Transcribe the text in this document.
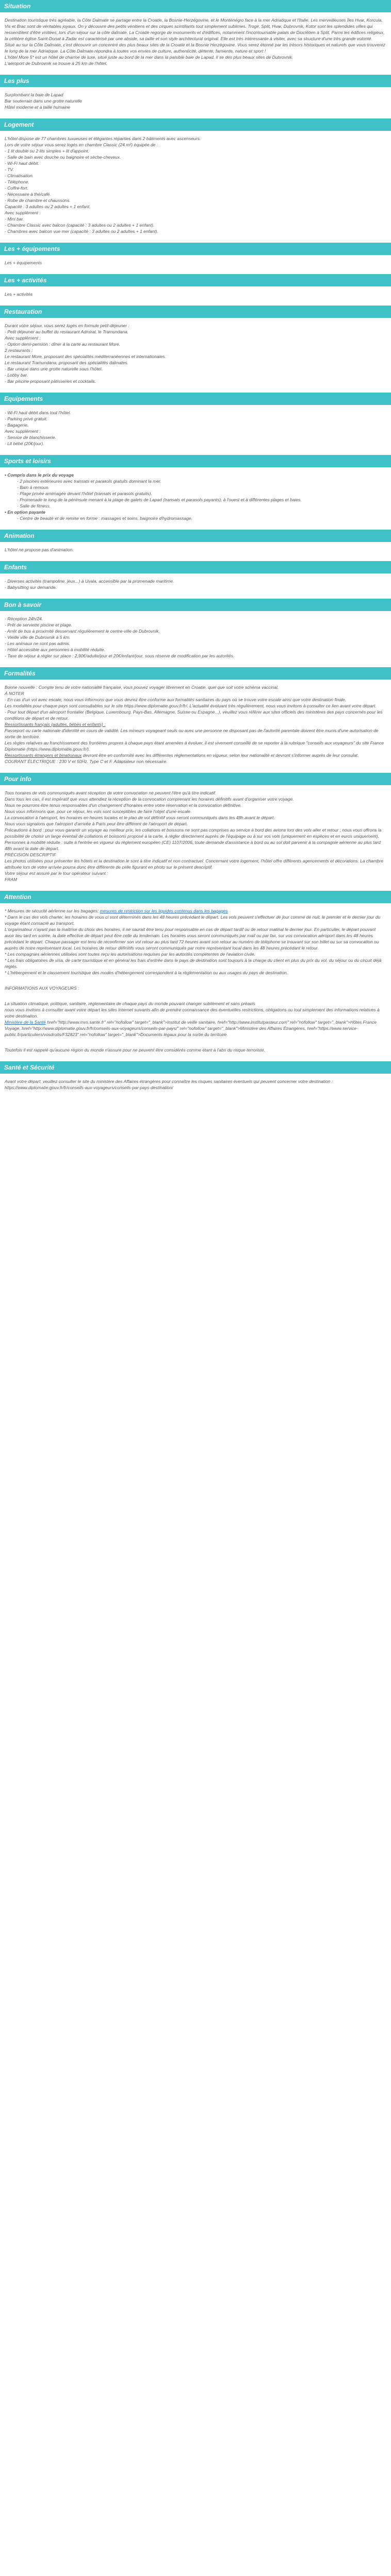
Situation

Destination touristique très agréable, la Côte Dalmate se partage entre la Croatie, la Bosnie-Herzégovine, et le Monténégro face à la mer Adriatique et l'Italie. Les merveilleuses îles Hvar, Korcula, Vis et Brac sont de véritables joyaux. On y découvre des petits vénitiens et des cirques scintillants tout simplement sublimes. Trogir, Split, Hvar, Dubrovnik, Kotor sont les splendides villes qui ressemblent d'être visitées, lors d'un séjour sur la côte dalmate. La Croatie regorge de monuments et d'édifices, notamment l'incontournable palais de Dioclétien à Split. Parmi les édifices religieux, la célèbre église Saint-Donat à Zadar est caractérisé par une abside, sa taille et son style architectural original. Elle est très intéressante à visiter, avec sa structure d'une très grande volonté.

Situé au sur la Côte Dalmate, c'est découvrir un concentré des plus beaux sites de la Croatie et la Bosnie Herzégovine. Vous serez étonné par les trésors historiques et naturels que vous trouverez le long de la mer Adriatique. La Côte Dalmate répondra à toutes vos envies de culture, authenticité, détente, farniente, nature et sport !

L'hôtel More 5* est un hôtel de charme de luxe, situé juste au bord de la mer dans la paisible baie de Lapad. Il se des plus beaux sites de Dubrovnik.

L'aéroport de Dubrovnik se trouve à 25 km de l'hôtel.

Les plus

Surplombant la baie de Lapad
Bar souterrain dans une grotte naturelle
Hôtel moderne et à taille humaine

Logement

L'hôtel dispose de 77 chambres luxueuses et élégantes réparties dans 2 bâtiments avec ascenseurs.

Lors de votre séjour vous serez logés en chambre Classic (24 m²) équipée de :
- 1 lit double ou 2 lits simples + lit d'appoint.
- Salle de bain avec douche ou baignoire et sèche-cheveux.
- Wi-Fi haut débit.
- TV.
- Climatisation.
- Téléphone.
- Coffre-fort.
- Nécessaire à thé/café.
- Robe de chambre et chaussons.

Capacité : 3 adultes ou 2 adultes + 1 enfant.

Avec supplément :
- Mini bar.
- Chambre Classic avec balcon (capacité : 3 adultes ou 2 adultes + 1 enfant).
- Chambres avec balcon vue mer (capacité : 3 adultes ou 2 adultes + 1 enfant).

Les + équipements

Les + équipements

Les + activités

Les + activités

Restauration

Durant votre séjour, vous serez logés en formule petit-déjeuner :
- Petit déjeuner au buffet du restaurant Admiral, le Tramundana.

Avec supplément :
- Option demi-pension : dîner à la carte au restaurant More.

2 restaurants :
Le restaurant More, proposant des spécialités méditerranéennes et internationales.
Le restaurant Tramundana, proposant des spécialités dalmates.

- Bar unique dans une grotte naturelle sous l'hôtel.
- Lobby bar.
- Bar piscine proposant pâtisseries et cocktails.

Equipements

- Wi-Fi haut débit dans tout l'hôtel.
- Parking privé gratuit.
- Bagagerie.

Avec supplément :
- Service de blanchisserie.
- Lit bébé (20€/jour).

Sports et loisirs

• Compris dans le prix du voyage

- 2 piscines extérieures avec transats et parasols gratuits dominant la mer.
- Bain à remous.
- Plage privée aménagée devant l'hôtel (transats et parasols gratuits).
- Promenade le long de la péninsule menant à la plage de galets de Lapad (transats et parasols payants), à l'ouest et à différentes plages et baies.
- Salle de fitness.

• En option payante

- Centre de beauté et de remise en forme : massages et soins, baignoire d'hydromassage.

Animation

L'hôtel ne propose pas d'animation.

Enfants

- Diverses activités (trampoline, jeux...) à Uvala, accessible par la promenade maritime.
- Babysitting sur demande.

Bon à savoir

- Réception 24h/24.
- Prêt de serviette piscine et plage.
- Arrêt de bus à proximité desservant régulièrement le centre-ville de Dubrovnik.
- Vieille ville de Dubrovnik à 5 km.
- Les animaux ne sont pas admis.
- Hôtel accessible aux personnes à mobilité réduite.
- Taxe de séjour à régler sur place : 2,90€/adulte/jour et 20€/enfant/jour, sous réserve de modification par les autorités.

Formalités

Bonne nouvelle : Compte tenu de votre nationalité française, vous pouvez voyager librement en Croatie, quel que soit votre schéma vaccinal.

À NOTER
- En cas d'un vol avec escale, nous vous informons que vous devrez être conforme aux formalités sanitaires du pays où se trouve votre escale ainsi que votre destination finale.
Les modalités pour chaque pays sont consultables sur le site https://www.diplomatie.gouv.fr/fr/. L'actualité évoluant très régulièrement, nous vous invitons à consulter ce lien avant votre départ.
- Pour tout départ d'un aéroport frontalier (Belgique, Luxembourg, Pays-Bas, Allemagne, Suisse ou Espagne...), veuillez vous référer aux sites officiels des ministères des pays concernés pour les conditions de départ et de retour.

Ressortissants français (adultes, bébés et enfants) :

Passeport ou carte nationale d'identité en cours de validité. Les mineurs voyageant seuls ou avec une personne ne disposant pas de l'autorité parentale doivent être munis d'une autorisation de sortie de territoire.
Les règles relatives au franchissement des frontières propres à chaque pays étant amenées à évoluer, il est vivement conseillé de se reporter à la rubrique "conseils aux voyageurs" du site France Diplomatie (https://www.diplomatie.gouv.fr/).

Ressortissants étrangers et binationaux devront être en conformité avec les différentes réglementations en vigueur, selon leur nationalité et devront s'informer auprès de leur consulat.

COURANT ÉLECTRIQUE : 230 V et 50Hz. Type C et F. Adaptateur non nécessaire.

Pour info

Tous horaires de vols communiqués avant réception de votre convocation ne peuvent l'être qu'à titre indicatif.
Dans tous les cas, il est impératif que vous attendiez la réception de la convocation comprenant les horaires définitifs avant d'organiser votre voyage.
Nous ne pourrons être tenus responsables d'un changement d'horaires entre votre réservation et la convocation définitive.
Nous vous informons que, pour ce séjour, les vols sont susceptibles de faire l'objet d'une escale.

La convocation à l'aéroport, les horaires en heures locales et le plan de vol définitif vous seront communiqués dans les 48h avant le départ.
Nous vous signalons que l'aéroport d'arrivée à Paris peut être différent de l'aéroport de départ.
Précautions à bord : pour vous garantir un voyage au meilleur prix, les collations et boissons ne sont pas comprises au service à bord des avions lors des vols aller et retour ; nous vous offrons la possibilité de choisir un large éventail de collations et boissons proposé à la carte, à régler directement auprès de l'équipage ou à sur vos vols (uniquement en espèces et en euros uniquement).

Personnes à mobilité réduite : suite à l'entrée en vigueur du règlement européen (CE) 1107/2006, toute demande d'assistance à bord ou au sol doit parvenir à la compagnie aérienne au plus tard 48h avant la date de départ.

PRÉCISION DESCRIPTIF
Les photos utilisées pour présenter les hôtels et la destination le sont à titre indicatif et non contractuel. Concernant votre logement, l'hôtel offre différents agencements et décorations. La chambre attribuée lors de votre arrivée pourra donc être différente de celle figurant en photo sur le présent descriptif.

Votre séjour est assuré par le tour opérateur suivant :
FRAM

Attention

* Mesures de sécurité aérienne sur les bagages: mesures de restriction sur les liquides contenus dans les bagages

* Dans le cas des vols charter, les horaires de vous ci sont déterminés dans les 48 heures précédant le départ. Les vols peuvent s'effectuer de jour comme de nuit, le premier et le dernier jour du voyage étant consacré au transport.
L'organisateur n'ayant pas la maîtrise du choix des horaires, il ne saurait être tenu pour responsable en cas de départ tardif ou de retour matinal le dernier jour. En particulier, le départ pouvant avoir lieu tard en soirée, la date effective de départ peut être celle du lendemain. Les horaires vous seront communiqués par mail ou par fax, sur vos convocation aéroport dans les 48 heures précédant le départ. Chaque passager est tenu de reconfirmer son vol retour au plus tard 72 heures avant son retour au numéro de téléphone se trouvant sur son billet ou sur sa convocation ou auprès de notre représentant local. Les horaires de retour définitifs vous seront communiqués par notre représentant local dans les 48 heures précédant le retour.
* Les compagnies aériennes utilisées sont toutes reçu les autorisations requises par les autorités compétentes de l'aviation civile.

* Les frais obligatoires de visa, de carte touristique et en général les frais d'entrée dans le pays de destination sont toujours à la charge du client en plus du prix du vol, du séjour ou du circuit déjà réglés.

* L'hébergement et le classement touristique des modes d'hébergement correspondent à la réglementation ou aux usages du pays de destination.

INFORMATIONS AUX VOYAGEURS :

La situation climatique, politique, sanitaire, réglementaire de chaque pays du monde pouvant changer subitement et sans préavis
nous vous invitons à consulter avant votre départ les sites Internet suivants afin de prendre connaissance des éventuelles restrictions, obligations ou tout simplement des informations relatives à votre destination.

Ministère de la Santé href="http://www.mvs.sante.fr" rel="nofollow" target="_blank">Institut de veille sanitaire, href="http://www.institutpasteur.com" rel="nofollow" target="_blank">Hôtes France Voyage, href="http://www.diplomatie.gouv.fr/fr/conseils-aux-voyageurs/conseils-par-pays/" rel="nofollow" target="_blank">Ministère des Affaires Étrangères, href="https://www.service-public.fr/particuliers/vosdroits/F32823" rel="nofollow" target="_blank">Documents légaux pour la sortie du territoire.

Toutefois il est rappelé qu'aucune région du monde n'assure pour ne peuvent être considérés comme étant à l'abri du risque terroriste.

Santé et Sécurité

Avant votre départ, veuillez consulter le site du ministère des Affaires étrangères pour connaître les risques sanitaires éventuels qui peuvent concerner votre destination : https://www.diplomatie.gouv.fr/fr/conseils-aux-voyageurs/conseils-par-pays-destination/
